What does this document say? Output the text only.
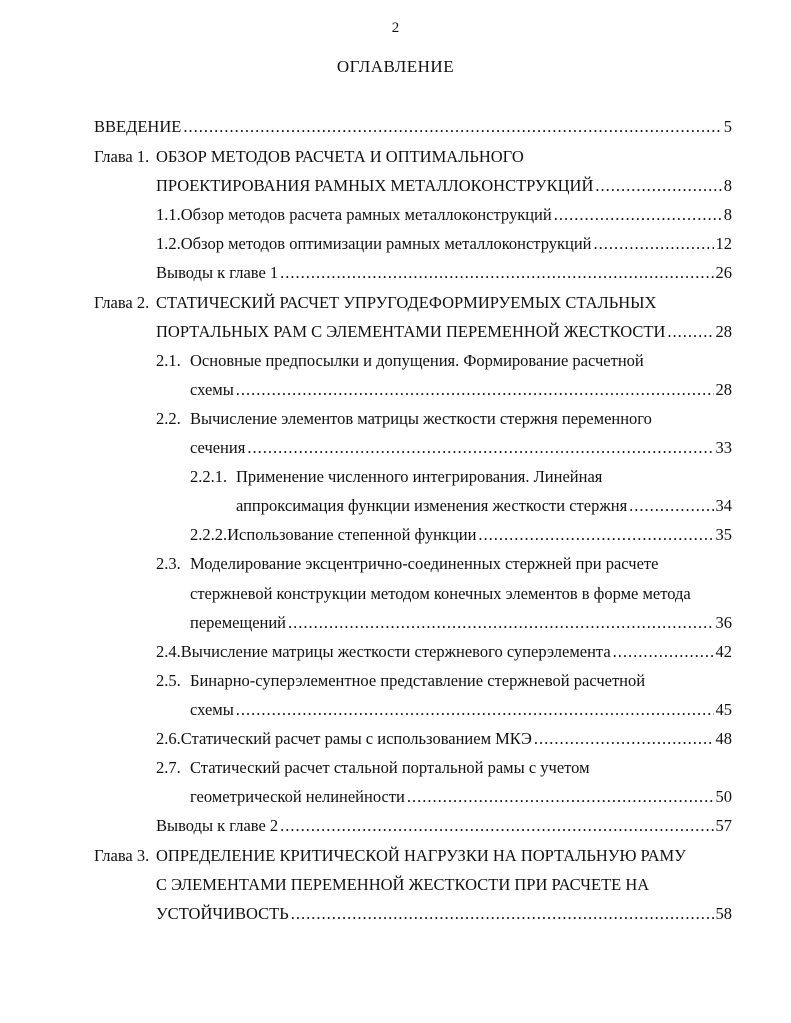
2
ОГЛАВЛЕНИЕ
ВВЕДЕНИЕ .....	5
Глава 1. ОБЗОР МЕТОДОВ РАСЧЕТА И ОПТИМАЛЬНОГО
ПРОЕКТИРОВАНИЯ РАМНЫХ МЕТАЛЛОКОНСТРУКЦИЙ .....	8
1.1. Обзор методов расчета рамных металлоконструкций .....	8
1.2. Обзор методов оптимизации рамных металлоконструкций .....	12
Выводы к главе 1 .....	26
Глава 2. СТАТИЧЕСКИЙ РАСЧЕТ УПРУГОДЕФОРМИРУЕМЫХ СТАЛЬНЫХ
ПОРТАЛЬНЫХ РАМ С ЭЛЕМЕНТАМИ ПЕРЕМЕННОЙ ЖЕСТКОСТИ .....	28
2.1. Основные предпосылки и допущения. Формирование расчетной
схемы .....	28
2.2. Вычисление элементов матрицы жесткости стержня переменного
сечения .....	33
2.2.1. Применение численного интегрирования. Линейная
аппроксимация функции изменения жесткости стержня .....	34
2.2.2. Использование степенной функции .....	35
2.3. Моделирование эксцентрично-соединенных стержней при расчете
стержневой конструкции методом конечных элементов в форме метода
перемещений .....	36
2.4. Вычисление матрицы жесткости стержневого суперэлемента .....	42
2.5. Бинарно-суперэлементное представление стержневой расчетной
схемы .....	45
2.6. Статический расчет рамы с использованием МКЭ .....	48
2.7. Статический расчет стальной портальной рамы с учетом
геометрической нелинейности .....	50
Выводы к главе 2 .....	57
Глава 3. ОПРЕДЕЛЕНИЕ КРИТИЧЕСКОЙ НАГРУЗКИ НА ПОРТАЛЬНУЮ РАМУ
С ЭЛЕМЕНТАМИ ПЕРЕМЕННОЙ ЖЕСТКОСТИ ПРИ РАСЧЕТЕ НА
УСТОЙЧИВОСТЬ .....	58
